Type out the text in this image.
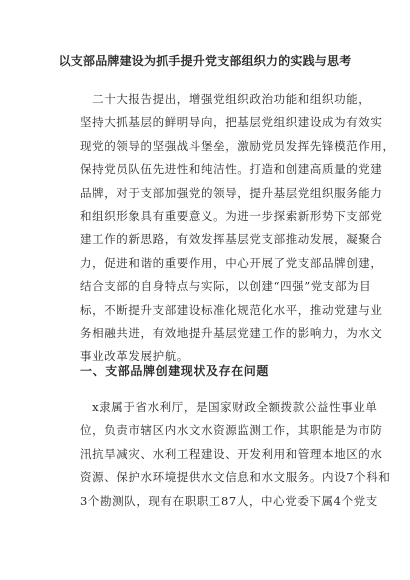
以支部品牌建设为抓手提升党支部组织力的实践与思考
　二十大报告提出，增强党组织政治功能和组织功能，
坚持大抓基层的鲜明导向，把基层党组织建设成为有效实
现党的领导的坚强战斗堡垒，激励党员发挥先锋模范作用，
保持党员队伍先进性和纯洁性。打造和创建高质量的党建
品牌，对于支部加强党的领导，提升基层党组织服务能力
和组织形象具有重要意义。为进一步探索新形势下支部党
建工作的新思路，有效发挥基层党支部推动发展，凝聚合
力，促进和谐的重要作用，中心开展了党支部品牌创建，
结合支部的自身特点与实际，以创建“四强”党支部为目
标，不断提升支部建设标准化规范化水平，推动党建与业
务相融共进，有效地提升基层党建工作的影响力，为水文
事业改革发展护航。
一、支部品牌创建现状及存在问题
　x隶属于省水利厅，是国家财政全额拨款公益性事业单
位，负责市辖区内水文水资源监测工作，其职能是为市防
汛抗旱减灾、水利工程建设、开发利用和管理本地区的水
资源、保护水环境提供水文信息和水文服务。内设7个科和
3个勘测队，现有在职职工87人，中心党委下属4个党支
